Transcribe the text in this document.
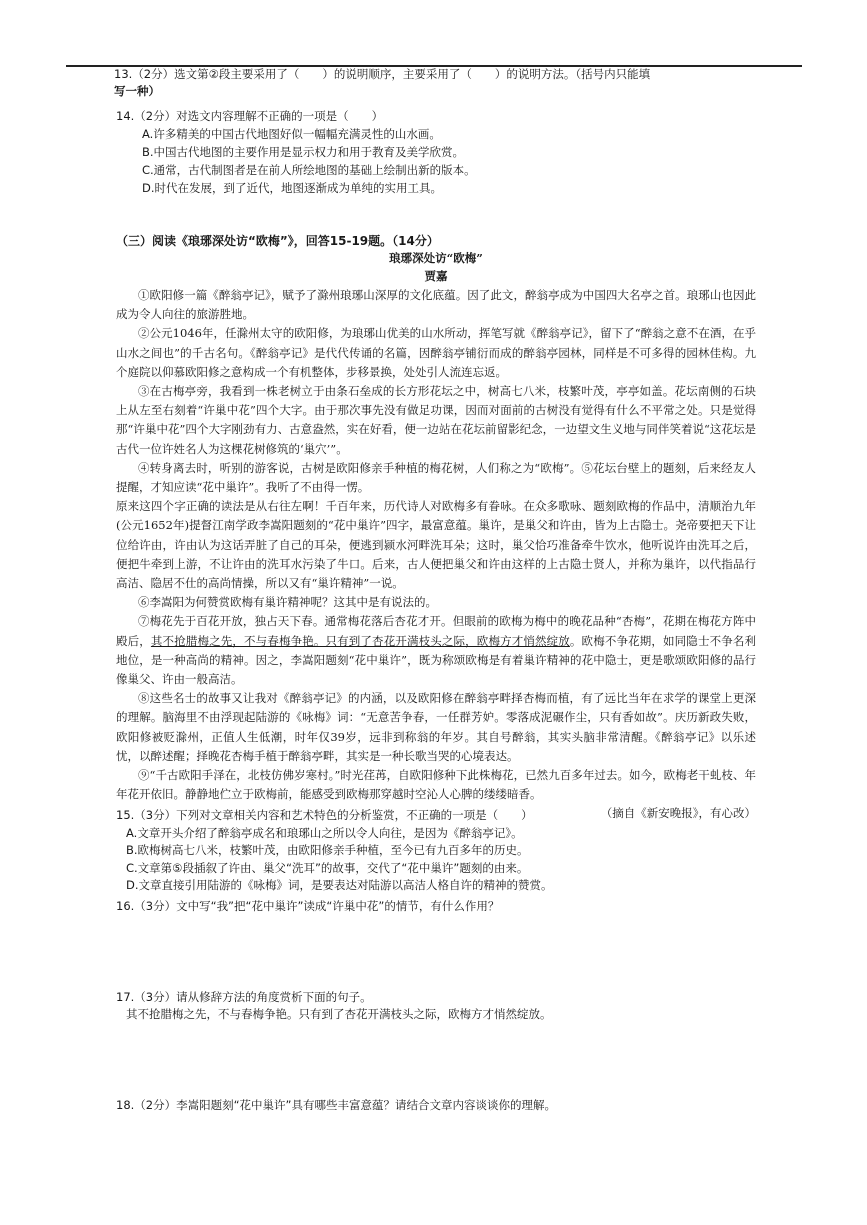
13.（2分）选文第②段主要采用了（　　）的说明顺序，主要采用了（　　）的说明方法。（括号内只能填

写一种）

14.（2分）对选文内容理解不正确的一项是（　　）

A.许多精美的中国古代地图好似一幅幅充满灵性的山水画。

B.中国古代地图的主要作用是显示权力和用于教育及美学欣赏。

C.通常，古代制图者是在前人所绘地图的基础上绘制出新的版本。

D.时代在发展，到了近代，地图逐渐成为单纯的实用工具。

（三）阅读《琅琊深处访“欧梅”》，回答15-19题。（14分）
琅琊深处访“欧梅”
贾嘉

①欧阳修一篇《醉翁亭记》，赋予了滁州琅琊山深厚的文化底蕴。因了此文，醉翁亭成为中国四大名亭之首。琅琊山也因此成为令人向往的旅游胜地。

②公元1046年，任滁州太守的欧阳修，为琅琊山优美的山水所动，挥笔写就《醉翁亭记》，留下了“醉翁之意不在酒，在乎山水之间也”的千古名句。《醉翁亭记》是代代传诵的名篇，因醉翁亭铺衍而成的醉翁亭园林，同样是不可多得的园林佳构。九个庭院以仰慕欧阳修之意构成一个有机整体，步移景换，处处引人流连忘返。

③在古梅亭旁，我看到一株老树立于由条石垒成的长方形花坛之中，树高七八米，枝繁叶茂，亭亭如盖。花坛南侧的石块上从左至右刻着“许巢中花”四个大字。由于那次事先没有做足功课，因而对面前的古树没有觉得有什么不平常之处。只是觉得那“许巢中花”四个大字刚劲有力、古意盎然，实在好看，便一边站在花坛前留影纪念，一边望文生义地与同伴笑着说“这花坛是古代一位许姓名人为这棵花树修筑的‘巢穴’”。

④转身离去时，听别的游客说，古树是欧阳修亲手种植的梅花树，人们称之为“欧梅”。⑤花坛台壁上的题刻，后来经友人提醒，才知应读“花中巢许”。我听了不由得一愣。

原来这四个字正确的读法是从右往左啊！千百年来，历代诗人对欧梅多有眷咏。在众多歌咏、题刻欧梅的作品中，清顺治九年(公元1652年)提督江南学政李嵩阳题刻的“花中巢许”四字，最富意蕴。巢许，是巢父和许由，皆为上古隐士。尧帝要把天下让位给许由，许由认为这话弄脏了自己的耳朵，便逃到颍水河畔洗耳朵；这时，巢父恰巧准备牵牛饮水，他听说许由洗耳之后，便把牛牵到上游，不让许由的洗耳水污染了牛口。后来，古人便把巢父和许由这样的上古隐士贤人，并称为巢许，以代指品行高洁、隐居不仕的高尚情操，所以又有“巢许精神”一说。

⑥李嵩阳为何赞赏欧梅有巢许精神呢？这其中是有说法的。

⑦梅花先于百花开放，独占天下春。通常梅花落后杏花才开。但眼前的欧梅为梅中的晚花品种“杏梅”，花期在梅花方阵中殿后，其不抢腊梅之先，不与春梅争艳。只有到了杏花开满枝头之际，欧梅方才悄然绽放。欧梅不争花期，如同隐士不争名利地位，是一种高尚的精神。因之，李嵩阳题刻“花中巢许”，既为称颂欧梅是有着巢许精神的花中隐士，更是歌颂欧阳修的品行像巢父、许由一般高洁。

⑧这些名士的故事又让我对《醉翁亭记》的内涵，以及欧阳修在醉翁亭畔择杏梅而植，有了远比当年在求学的课堂上更深的理解。脑海里不由浮现起陆游的《咏梅》词：“无意苦争春，一任群芳妒。零落成泥碾作尘，只有香如故”。庆历新政失败，欧阳修被贬滁州，正值人生低潮，时年仅39岁，远非到称翁的年岁。其自号醉翁，其实头脑非常清醒。《醉翁亭记》以乐述忧，以醉述醒；择晚花杏梅手植于醉翁亭畔，其实是一种长歌当哭的心境表达。

⑨“千古欧阳手泽在，北枝仿佛岁寒村。”时光荏苒，自欧阳修种下此株梅花，已然九百多年过去。如今，欧梅老干虬枝、年年花开依旧。静静地伫立于欧梅前，能感受到欧梅那穿越时空沁人心脾的缕缕暗香。

（摘自《新安晚报》，有心改）

15.（3分）下列对文章相关内容和艺术特色的分析鉴赏，不正确的一项是（　　）

A.文章开头介绍了醉翁亭成名和琅琊山之所以令人向往，是因为《醉翁亭记》。

B.欧梅树高七八米，枝繁叶茂，由欧阳修亲手种植，至今已有九百多年的历史。

C.文章第⑤段插叙了许由、巢父“洗耳”的故事，交代了“花中巢许”题刻的由来。

D.文章直接引用陆游的《咏梅》词，是要表达对陆游以高洁人格自许的精神的赞赏。

16.（3分）文中写“我”把“花中巢许”读成“许巢中花”的情节，有什么作用？

17.（3分）请从修辞方法的角度赏析下面的句子。

其不抢腊梅之先，不与春梅争艳。只有到了杏花开满枝头之际，欧梅方才悄然绽放。

18.（2分）李嵩阳题刻“花中巢许”具有哪些丰富意蕴？请结合文章内容谈谈你的理解。
